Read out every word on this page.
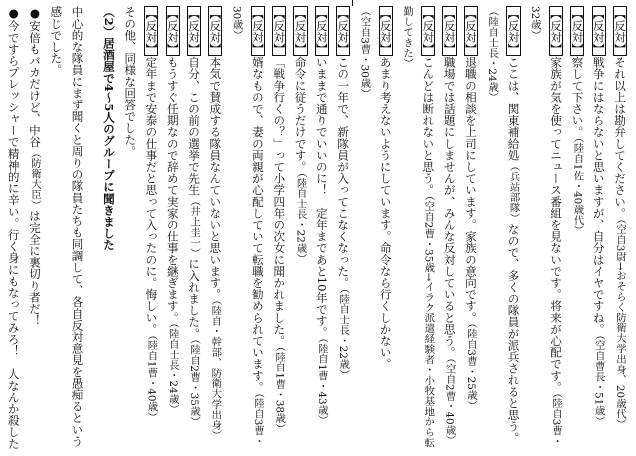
【反対】それ以上は勘弁してください。（空自3尉→おそらく防衛大学出身、20歳代）
【反対】戦争にはならないと思いますが、自分はイヤですね。（空自曹長・51歳）
【反対】察して下さい。（陸自1佐・40歳代）
【反対】家族が気を使ってニュース番組を見ないです。将来が心配です。（陸自3曹・32歳）
【反対】ここは、関東補給処（兵站部隊）なので、多くの隊員が派兵されると思う。（陸自士長・24歳）
【反対】退職の相談を上司にしています。家族の意向です。（陸自3曹・25歳）
【反対】職場では話題にしませんが、みんな反対していると思う。（空自2曹・40歳）
【反対】こんどは断れないと思う。（空自2曹・35歳→イラク派遣経験者・小牧基地から転勤してきた）
【反対】あまり考えないようにしています。命令なら行くしかない。（空自3曹・30歳）
【反対】この一年で、新隊員が入ってこなくなった。（陸自士長・22歳）
【反対】いままで通りでいいのに！　定年まであと10年です。（陸自1曹・43歳）
【反対】命令に従うだけです。（陸自士長・22歳）
【反対】「戦争行くの？」って小学四年の次女に聞かれました。（陸自1曹・38歳）
【反対】婿なもので、妻の両親が心配していて転職を勧められています。（陸自3曹・30歳）
【反対】本気で賛成する隊員なんていないと思います。（陸自・幹部、防衛大学出身）
【反対】自分、この前の選挙で先生（井上圭一）に入れました。（陸自2曹・35歳）
【反対】もうすぐ任期なので辞めて実家の仕事を継ぎます。（陸自士長・24歳）
【反対】定年まで安泰の仕事だと思って入ったのに。悔しい。（陸自1曹・40歳）
その他、同様な回答でした。
（2）居酒屋で4～5人のグループに聞きました
中心的な隊員にまず聞くと周りの隊員たちも同調して、各自反対意見を愚痴るという感じでした。
●安倍もバカだけど、中谷（防衛大臣）は完全に裏切り者だ！
●今ですらプレッシャーで精神的に辛い。行く身にもなってみろ！　人なんか殺した
